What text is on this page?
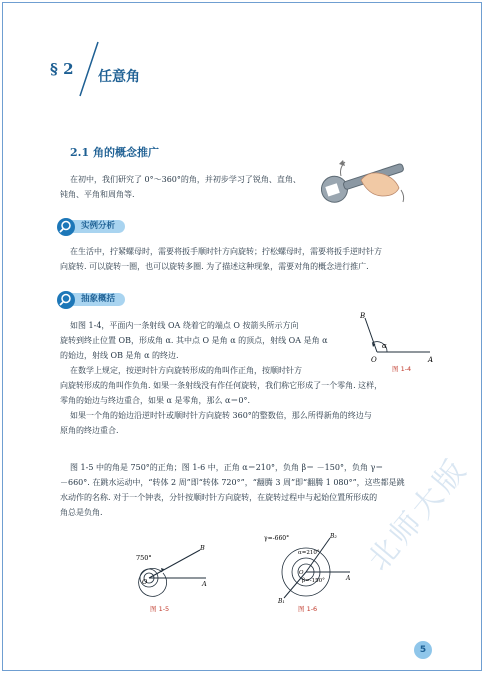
§ 2 任意角
2.1 角的概念推广

在初中，我们研究了 0°～360°的角，并初步学习了锐角、直角、

钝角、平角和周角等.

实例分析

在生活中，拧紧螺母时，需要将扳手顺时针方向旋转；拧松螺母时，需要将扳手逆时针方

向旋转. 可以旋转一圈，也可以旋转多圈. 为了描述这种现象，需要对角的概念进行推广.

抽象概括

如图 1-4，平面内一条射线 OA 绕着它的端点 O 按箭头所示方向

旋转到终止位置 OB，形成角 α. 其中点 O 是角 α 的顶点，射线 OA 是角 α

的始边，射线 OB 是角 α 的终边.

B
O	A
α
图 1-4

在数学上规定，按逆时针方向旋转形成的角叫作正角，按顺时针方

向旋转形成的角叫作负角. 如果一条射线没有作任何旋转，我们称它形成了一个零角. 这样，

零角的始边与终边重合，如果 α 是零角，那么 α＝0°.

如果一个角的始边沿逆时针或顺时针方向旋转 360°的整数倍，那么所得新角的终边与

原角的终边重合.

图 1-5 中的角是 750°的正角；图 1-6 中，正角 α＝210°，负角 β＝ －150°，负角 γ＝

－660°. 在跳水运动中，“转体 2 周”即“转体 720°”，“翻腾 3 周”即“翻腾 1 080°”，这些都是跳

水动作的名称. 对于一个钟表，分针按顺时针方向旋转，在旋转过程中与起始位置所形成的

角总是负角.

750°
O	A
B
图 1-5
γ=-660°
α=210°
β=-150°
O
A
B₁
B₂
图 1-6
北师大版
5
